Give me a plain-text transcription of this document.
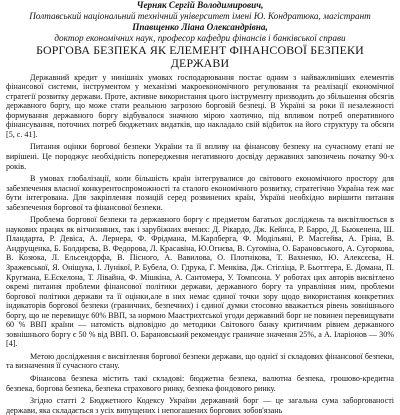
Черняк Сергій Володимирович,
Полтавський національний технічний університет імені Ю. Кондратюка, магістрант
Ппавщенко Ліана Олександрівна,
доктор економічних наук, професор кафедри фінансів і банківської справи
БОРГОВА БЕЗПЕКА ЯК ЕЛЕМЕНТ ФІНАНСОВОЇ БЕЗПЕКИ ДЕРЖАВИ

Державний кредит у нинішніх умовах господарювання постає одним з найважливіших елементів фінансової системи, інструментом у механізмі макроекономічного регулювання та реалізації економічної стратегії розвитку держави. Проте, активне використання цього інструменту призводить до збільшення обсягів державного боргу, що може стати реальною загрозою борговій безпеці. В Україні за роки її незалежності формування державного боргу відбувалося значною мірою хаотично, під впливом потреб оперативного фінансування, поточних потреб бюджетних видатків, що накладало свій відбиток на його структуру та обсяги [5, с. 41].

Питання оцінки боргової безпеки України та її впливу на фінансову безпеку на сучасному етапі не вирішені. Це породжує необхідність попередження негативного досвіду державних запозичень початку 90-х років.

В умовах глобалізації, коли більшість країн інтегрувалися до світового економічного простору для забезпечення власної конкурентоспроможності та сталого економічного розвитку, стратегічно Україна теж має бути інтегрована. Для закріплення позицій серед розвинених країн, Україні необхідно вирішити питання забезпечення боргової та фінансової безпеки.

Проблема боргової безпеки та державного боргу є предметом багатьох досліджень та висвітлюється в наукових працях як вітчизняних, так і зарубіжних вчених: Д. Рікардо, Дж. Кейнса, Р. Барро, Д. Бьюкенена, Ш. Пландарта, Р. Девіса, А. Лернера, Ф. Фрідмана, М.Карлберга, Ф. Модільяні, Р. Масгейва, А. Гріна, В. Андрущенка, Б. Болдирєва, В. Федорова, Л. Красавіна, Ю.Огнєва, В. Сугоміна, О. Барановського, А. Сугоркова, В. Козюка, Л. Ельсендорфа, В. Пісного, А. Вавилова, О. Плотнікова, Т. Вахненко, Ю. Алексєєва, Н. Зражевської, Я. Оніщука, І. Лунікої, Р. Бубела, О. Гдрука, Г. Менківа, Дж. Стігліца, Р. Бьоттгера, Е. Доманa, П. Кругмана, Е.Ескелона, Т. Лівайна, Ф. Мішкіна, А. Сантомера, У. Томпсона. У роботах цих авторів висвітлено окремі питання проблеми фінансової політики держави, державного боргу та управління ним, проблеми боргової політики держави та її оцінки,але в них немає єдиної точки зору щодо використання конкретних індикаторів боргової безпеки (граничних, безпечних) і єдиної думки стосовно вважається рівень зовнішнього боргу, що не перевищує 60% ВВП, за нормою Маастрихтської угоди державний борг не повинен перевищувати 60 % ВВП країни — натомість відповідно до методики Світового банку критичним рівнем державного зовнішнього боргу є 50 % від ВВП. О. Барановський рекомендує граничне значення 25%, а А. Іларіонов — 30% [4].

Метою дослідження є висвітлення боргової безпеки держави, що однієї зі складових фінансової безпеки, та визначення її сучасного стану.

Фінансова безпека містить такі складові: бюджетна безпека, валютна безпека, грошово-кредитна безпека, боргова безпека, безпека страхового ринку, безпека фондового ринку.

Згідно статті 2 Бюджетного Кодексу України державний борг — це загальна сума заборгованості держави, яка складається з усіх випущених і непогашених боргових зобов'язань
